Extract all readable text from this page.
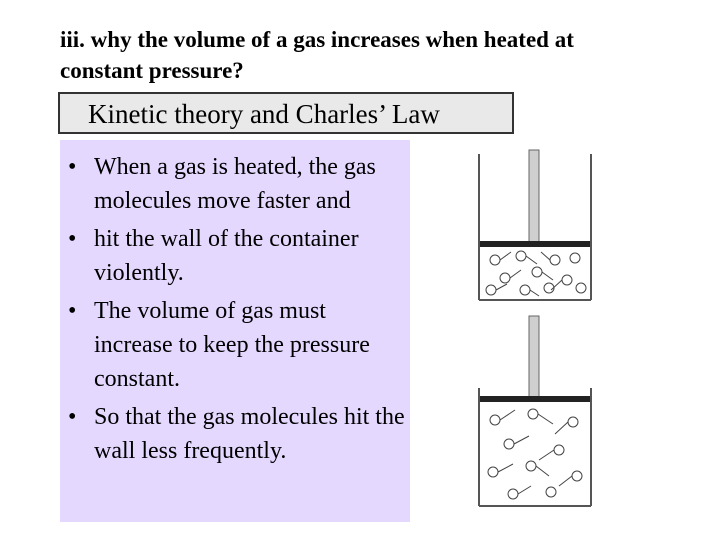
iii. why the volume of a gas increases when heated at constant pressure?
Kinetic theory and Charles’ Law
• When a gas is heated, the gas molecules move faster and
• hit the wall of the container violently.
• The volume of gas must increase to keep the pressure constant.
• So that the gas molecules hit the wall less frequently.
